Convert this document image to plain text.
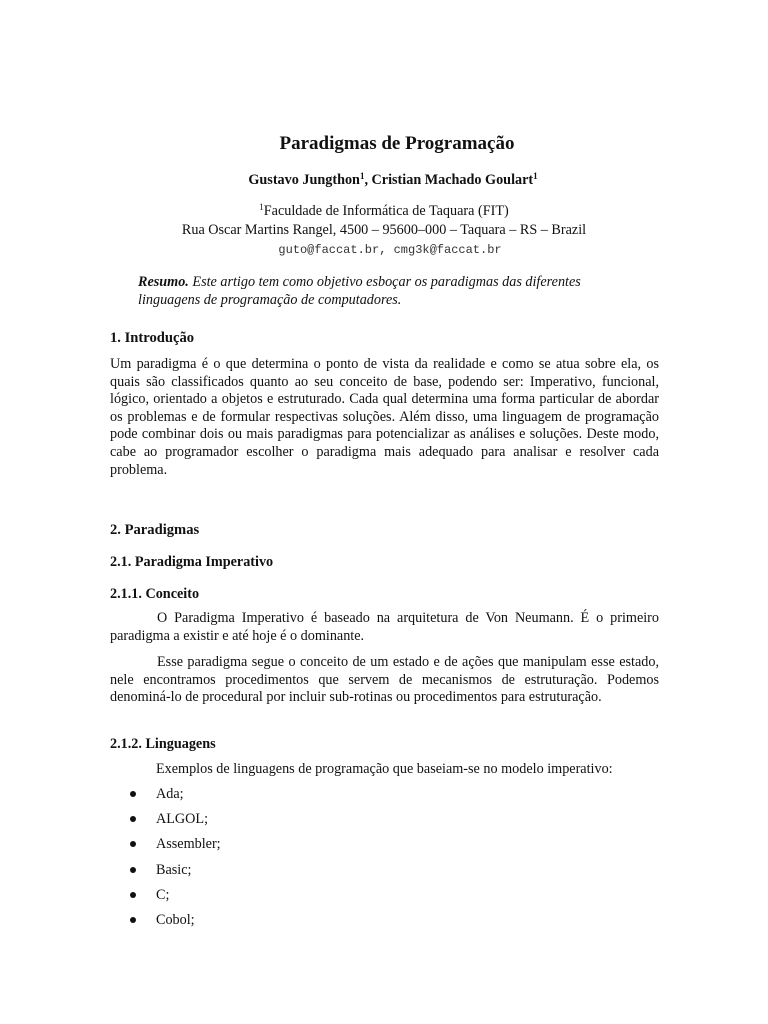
Paradigmas de Programação
Gustavo Jungthon$^1$, Cristian Machado Goulart$^1$
$^1$Faculdade de Informática de Taquara (FIT)
Rua Oscar Martins Rangel, 4500 – 95600–000 – Taquara – RS – Brazil
guto@faccat.br, cmg3k@faccat.br
Resumo. Este artigo tem como objetivo esboçar os paradigmas das diferentes linguagens de programação de computadores.
1. Introdução
Um paradigma é o que determina o ponto de vista da realidade e como se atua sobre ela, os quais são classificados quanto ao seu conceito de base, podendo ser: Imperativo, funcional, lógico, orientado a objetos e estruturado. Cada qual determina uma forma particular de abordar os problemas e de formular respectivas soluções. Além disso, uma linguagem de programação pode combinar dois ou mais paradigmas para potencializar as análises e soluções. Deste modo, cabe ao programador escolher o paradigma mais adequado para analisar e resolver cada problema.
2. Paradigmas
2.1. Paradigma Imperativo
2.1.1. Conceito
O Paradigma Imperativo é baseado na arquitetura de Von Neumann. É o primeiro paradigma a existir e até hoje é o dominante.
Esse paradigma segue o conceito de um estado e de ações que manipulam esse estado, nele encontramos procedimentos que servem de mecanismos de estruturação. Podemos denominá-lo de procedural por incluir sub-rotinas ou procedimentos para estruturação.
2.1.2. Linguagens
Exemplos de linguagens de programação que baseiam-se no modelo imperativo:
Ada;
ALGOL;
Assembler;
Basic;
C;
Cobol;
